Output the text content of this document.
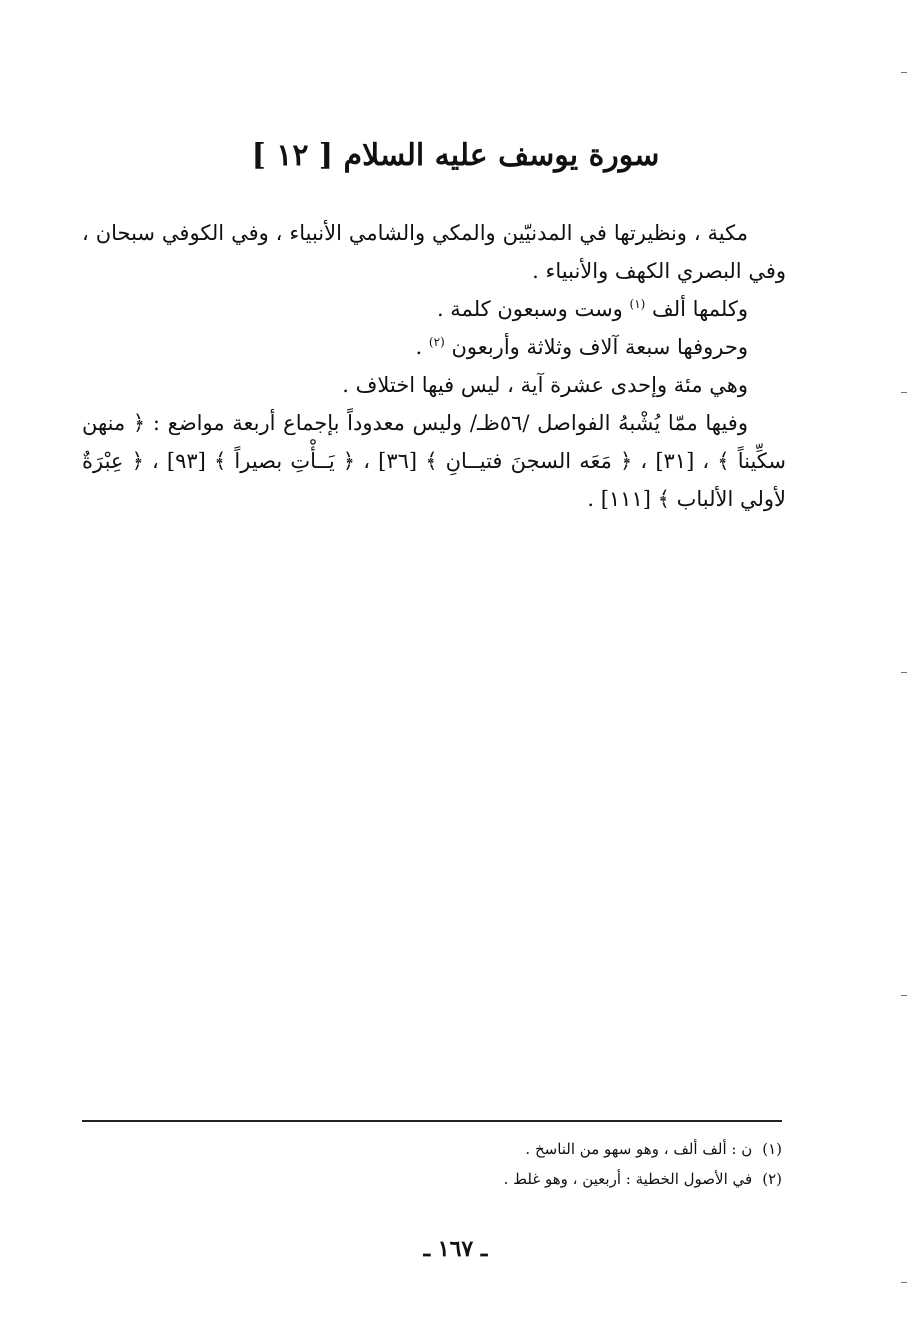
سورة يوسف عليه السلام [ ١٢ ]

مكية ، ونظيرتها في المدنيّين والمكي والشامي الأنبياء ، وفي الكوفي سبحان ، وفي البصري الكهف والأنبياء .

وكلمها ألف $^{(١)}$ وست وسبعون كلمة .

وحروفها سبعة آلاف وثلاثة وأربعون $^{(٢)}$ .

وهي مئة وإحدى عشرة آية ، ليس فيها اختلاف .

وفيها ممّا يُشْبهُ الفواصل /٥٦ظـ/ وليس معدوداً بإجماع أربعة مواضع : ﴿ منهن سكِّيناً ﴾ ، [٣١] ، ﴿ مَعَه السجنَ فتيــانِ ﴾ [٣٦] ، ﴿ يَــأْتِ بصيراً ﴾ [٩٣] ، ﴿ عِبْرَةٌ لأولي الألباب ﴾ [١١١] .

(١)ن : ألف ألف ، وهو سهو من الناسخ .
(٢)في الأصول الخطية : أربعين ، وهو غلط .
ـ ١٦٧ ـ
